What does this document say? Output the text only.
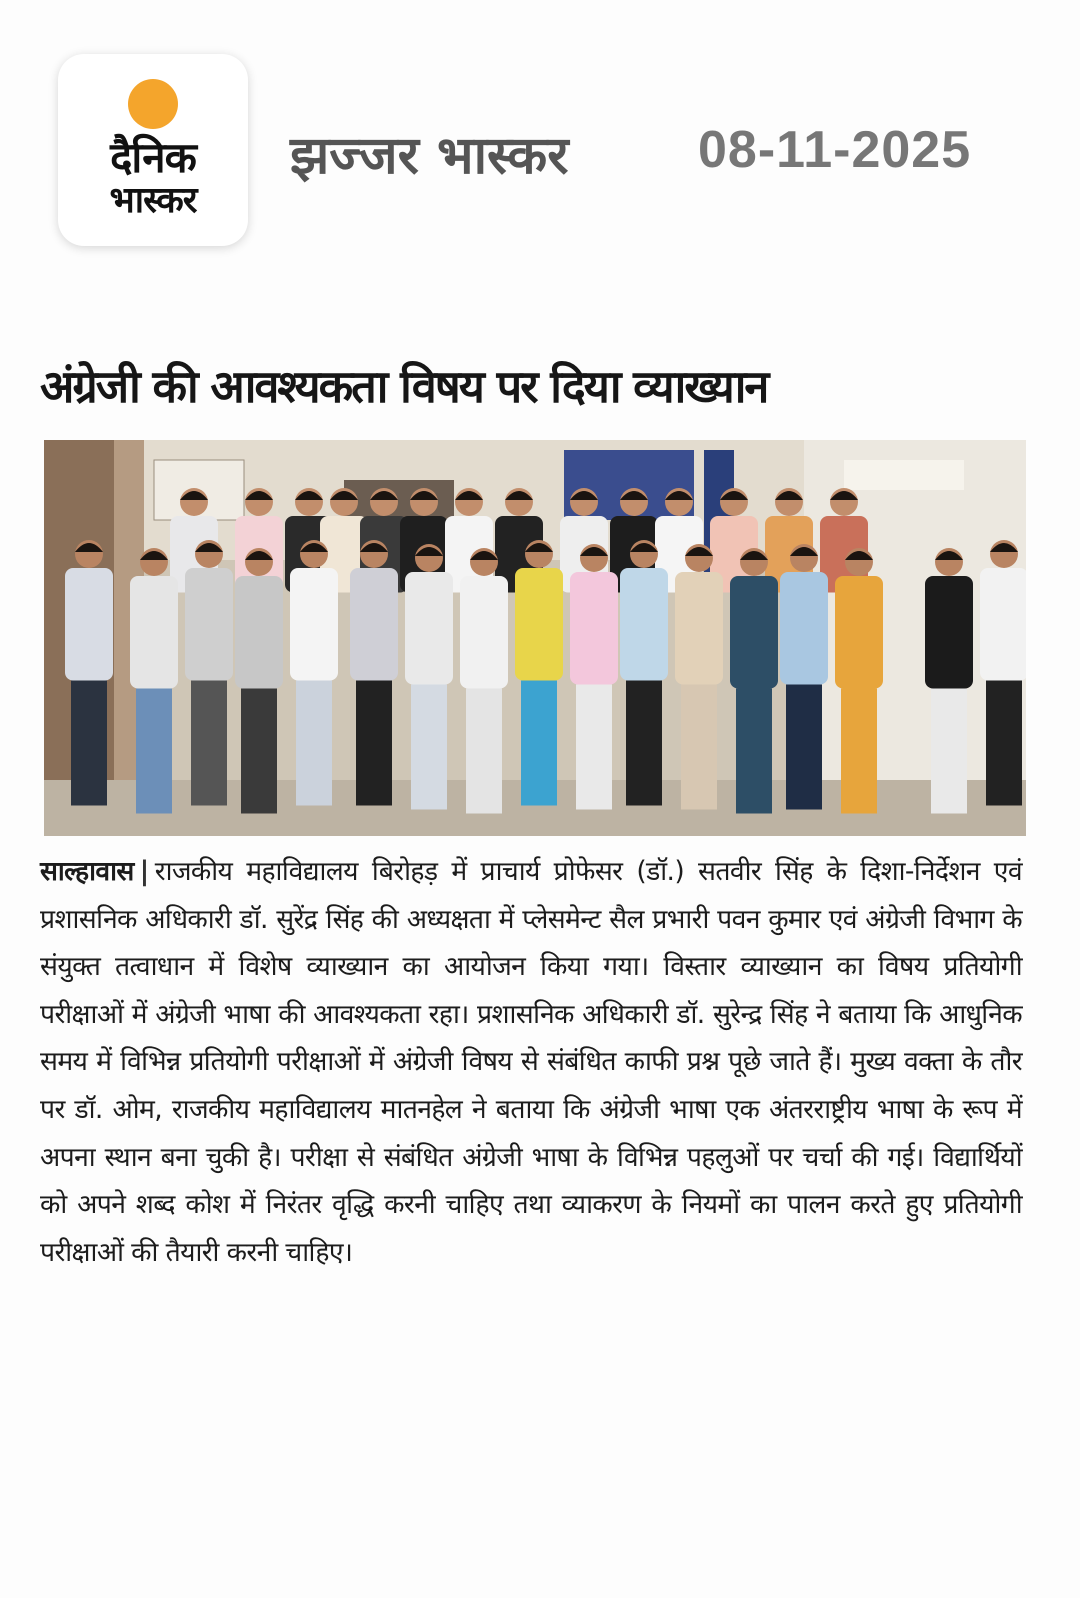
दैनिक
भास्कर
झज्जर भास्कर 08-11-2025
अंग्रेजी की आवश्यकता विषय पर दिया व्याख्यान
साल्हावास | राजकीय महाविद्यालय बिरोहड़ में प्राचार्य प्रोफेसर (डॉ.) सतवीर सिंह के दिशा-निर्देशन एवं प्रशासनिक अधिकारी डॉ. सुरेंद्र सिंह की अध्यक्षता में प्लेसमेन्ट सैल प्रभारी पवन कुमार एवं अंग्रेजी विभाग के संयुक्त तत्वाधान में विशेष व्याख्यान का आयोजन किया गया। विस्तार व्याख्यान का विषय प्रतियोगी परीक्षाओं में अंग्रेजी भाषा की आवश्यकता रहा। प्रशासनिक अधिकारी डॉ. सुरेन्द्र सिंह ने बताया कि आधुनिक समय में विभिन्न प्रतियोगी परीक्षाओं में अंग्रेजी विषय से संबंधित काफी प्रश्न पूछे जाते हैं। मुख्य वक्ता के तौर पर डॉ. ओम, राजकीय महाविद्यालय मातनहेल ने बताया कि अंग्रेजी भाषा एक अंतरराष्ट्रीय भाषा के रूप में अपना स्थान बना चुकी है। परीक्षा से संबंधित अंग्रेजी भाषा के विभिन्न पहलुओं पर चर्चा की गई। विद्यार्थियों को अपने शब्द कोश में निरंतर वृद्धि करनी चाहिए तथा व्याकरण के नियमों का पालन करते हुए प्रतियोगी परीक्षाओं की तैयारी करनी चाहिए।
